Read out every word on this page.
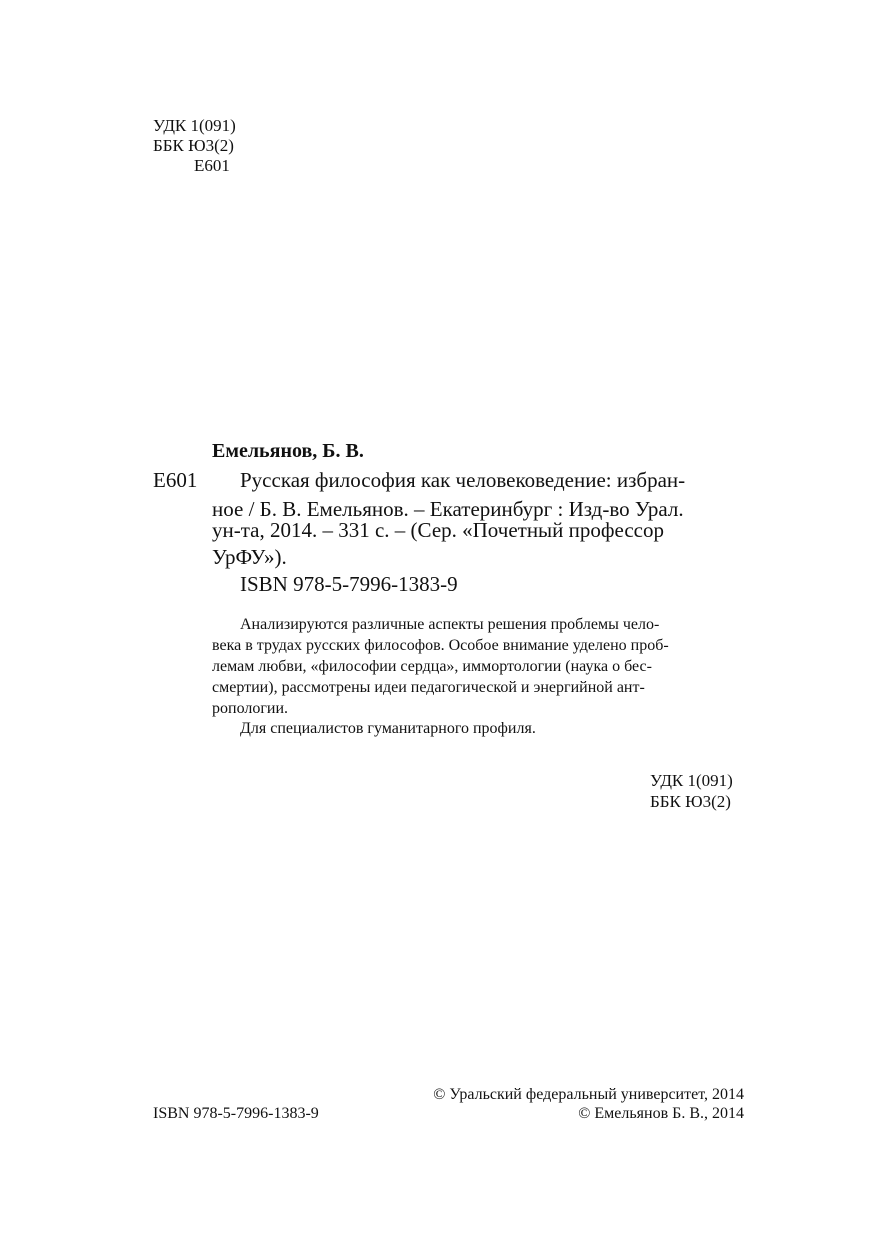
УДК 1(091)
ББК Ю3(2)
Е601
Емельянов, Б. В.
Е601 Русская философия как человековедение: избран-
ное / Б. В. Емельянов. – Екатеринбург : Изд-во Урал.
ун-та, 2014. – 331 с. – (Сер. «Почетный профессор
УрФУ»).
ISBN 978-5-7996-1383-9
Анализируются различные аспекты решения проблемы чело-
века в трудах русских философов. Особое внимание уделено проб-
лемам любви, «философии сердца», иммортологии (наука о бес-
смертии), рассмотрены идеи педагогической и энергийной ант-
ропологии.
Для специалистов гуманитарного профиля.
УДК 1(091)
ББК Ю3(2)
© Уральский федеральный университет, 2014
ISBN 978-5-7996-1383-9	© Емельянов Б. В., 2014
